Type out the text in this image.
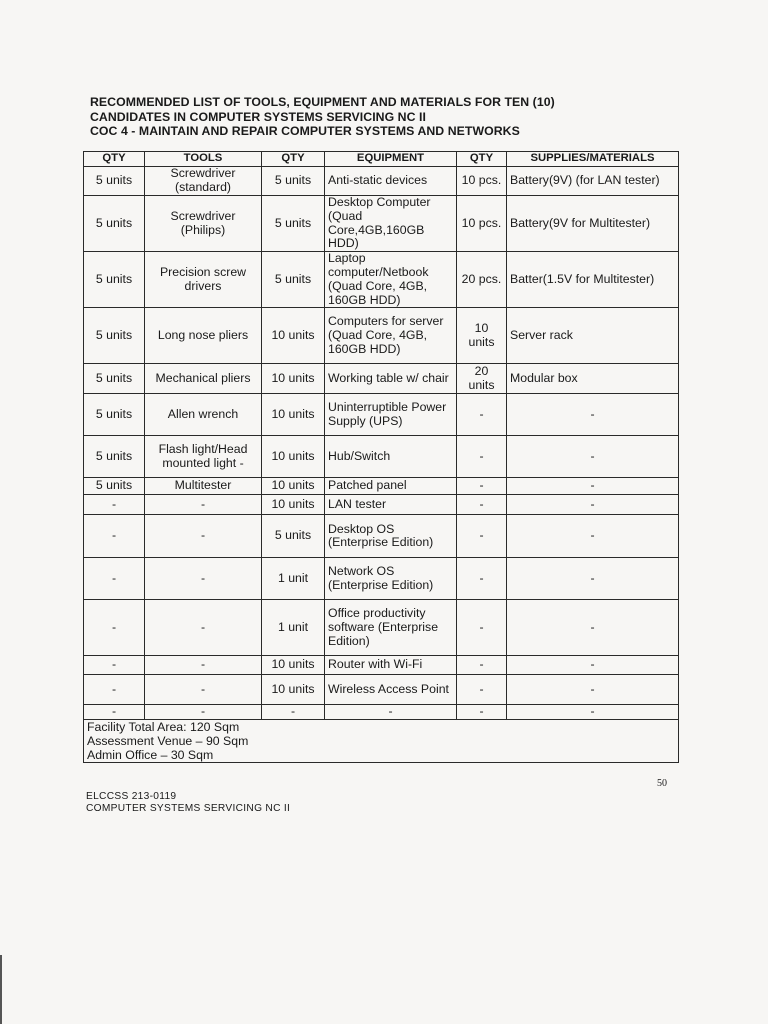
RECOMMENDED LIST OF TOOLS, EQUIPMENT AND MATERIALS FOR TEN (10)
CANDIDATES IN COMPUTER SYSTEMS SERVICING NC II
COC 4 - MAINTAIN AND REPAIR COMPUTER SYSTEMS AND NETWORKS
QTY	TOOLS	QTY	EQUIPMENT	QTY	SUPPLIES/MATERIALS
5 units	Screwdriver (standard)	5 units	Anti-static devices	10 pcs.	Battery(9V) (for LAN tester)
5 units	Screwdriver (Philips)	5 units	Desktop Computer (Quad Core,4GB,160GB HDD)	10 pcs.	Battery(9V for Multitester)
5 units	Precision screw drivers	5 units	Laptop computer/Netbook (Quad Core, 4GB, 160GB HDD)	20 pcs.	Batter(1.5V for Multitester)
5 units	Long nose pliers	10 units	Computers for server (Quad Core, 4GB, 160GB HDD)	10 units	Server rack
5 units	Mechanical pliers	10 units	Working table w/ chair	20 units	Modular box
5 units	Allen wrench	10 units	Uninterruptible Power Supply (UPS)	-	-
5 units	Flash light/Head mounted light -	10 units	Hub/Switch	-	-
5 units	Multitester	10 units	Patched panel	-	-
-	-	10 units	LAN tester	-	-
-	-	5 units	Desktop OS (Enterprise Edition)	-	-
-	-	1 unit	Network OS (Enterprise Edition)	-	-
-	-	1 unit	Office productivity software (Enterprise Edition)	-	-
-	-	10 units	Router with Wi-Fi	-	-
-	-	10 units	Wireless Access Point	-	-
-	-	-	-	-	-

Facility Total Area: 120 Sqm
Assessment Venue – 90 Sqm
Admin Office – 30 Sqm					
50
ELCCSS 213-0119
COMPUTER SYSTEMS SERVICING NC II
